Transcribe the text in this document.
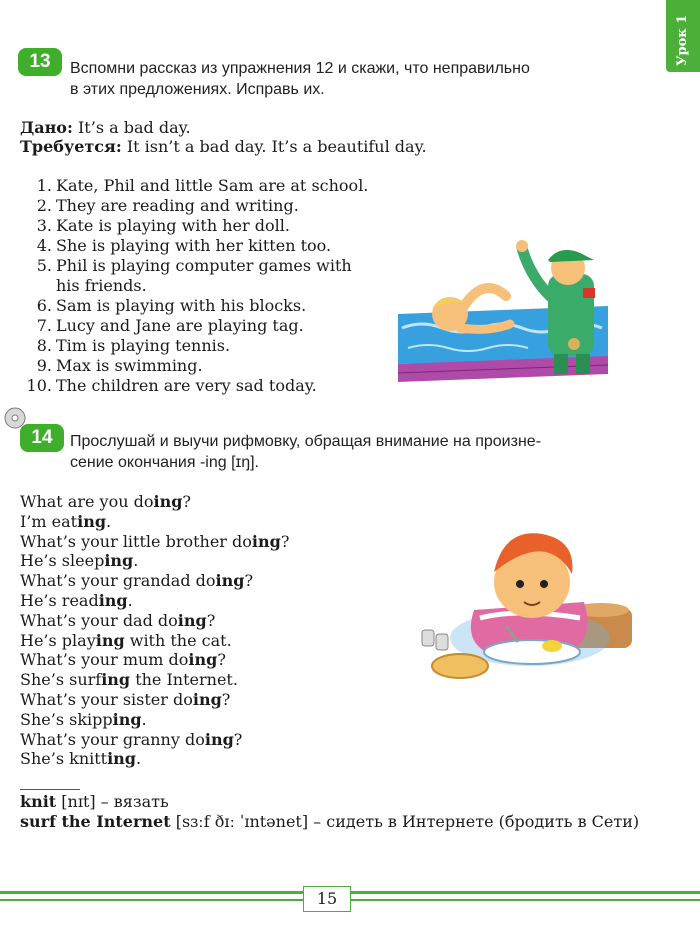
Урок 1
13	Вспомни рассказ из упражнения 12 и скажи, что неправильно
в этих предложениях. Исправь их.
Дано: It’s a bad day.
Требуется: It isn’t a bad day. It’s a beautiful day.
1. Kate, Phil and little Sam are at school.
2. They are reading and writing.
3. Kate is playing with her doll.
4. She is playing with her kitten too.
5. Phil is playing computer games with
his friends.
6. Sam is playing with his blocks.
7. Lucy and Jane are playing tag.
8. Tim is playing tennis.
9. Max is swimming.
10. The children are very sad today.
14	Прослушай и выучи рифмовку, обращая внимание на произне-
сение окончания -ing [ɪŋ].
What are you doing?
I’m eating.
What’s your little brother doing?
He’s sleeping.
What’s your grandad doing?
He’s reading.
What’s your dad doing?
He’s playing with the cat.
What’s your mum doing?
She’s surfing the Internet.
What’s your sister doing?
She’s skipping.
What’s your granny doing?
She’s knitting.
knit [nɪt] – вязать
surf the Internet [sɜːf ðɪː ˈɪntənet] – сидеть в Интернете (бродить в Сети)
15
